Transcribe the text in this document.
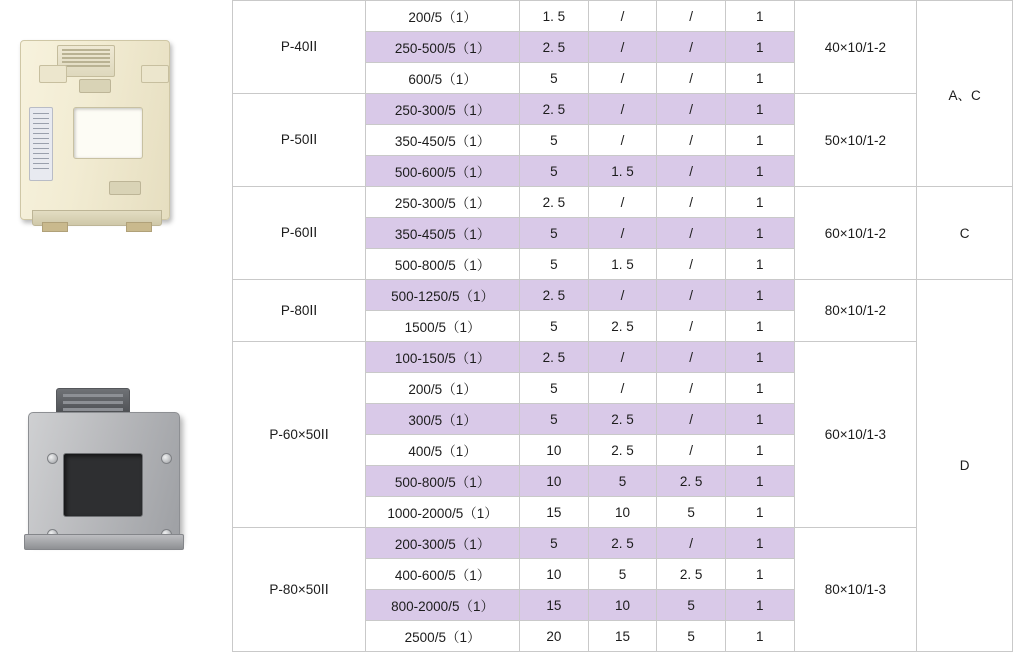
P-40ⅠⅠ	200/5（1）	1. 5	/	/	1	40×10/1-2	A、C
	250-500/5（1）	2. 5	/	/	1		
	600/5（1）	5	/	/	1		
P-50ⅠⅠ	250-300/5（1）	2. 5	/	/	1	50×10/1-2	
	350-450/5（1）	5	/	/	1		
	500-600/5（1）	5	1. 5	/	1		
P-60ⅠⅠ	250-300/5（1）	2. 5	/	/	1	60×10/1-2	C
	350-450/5（1）	5	/	/	1		
	500-800/5（1）	5	1. 5	/	1		
P-80ⅠⅠ	500-1250/5（1）	2. 5	/	/	1	80×10/1-2	D
	1500/5（1）	5	2. 5	/	1		
P-60×50ⅠⅠ	100-150/5（1）	2. 5	/	/	1	60×10/1-3	
	200/5（1）	5	/	/	1		
	300/5（1）	5	2. 5	/	1		
	400/5（1）	10	2. 5	/	1		
	500-800/5（1）	10	5	2. 5	1		
	1000-2000/5（1）	15	10	5	1		
P-80×50ⅠⅠ	200-300/5（1）	5	2. 5	/	1	80×10/1-3	
	400-600/5（1）	10	5	2. 5	1		
	800-2000/5（1）	15	10	5	1		
	2500/5（1）	20	15	5	1		
